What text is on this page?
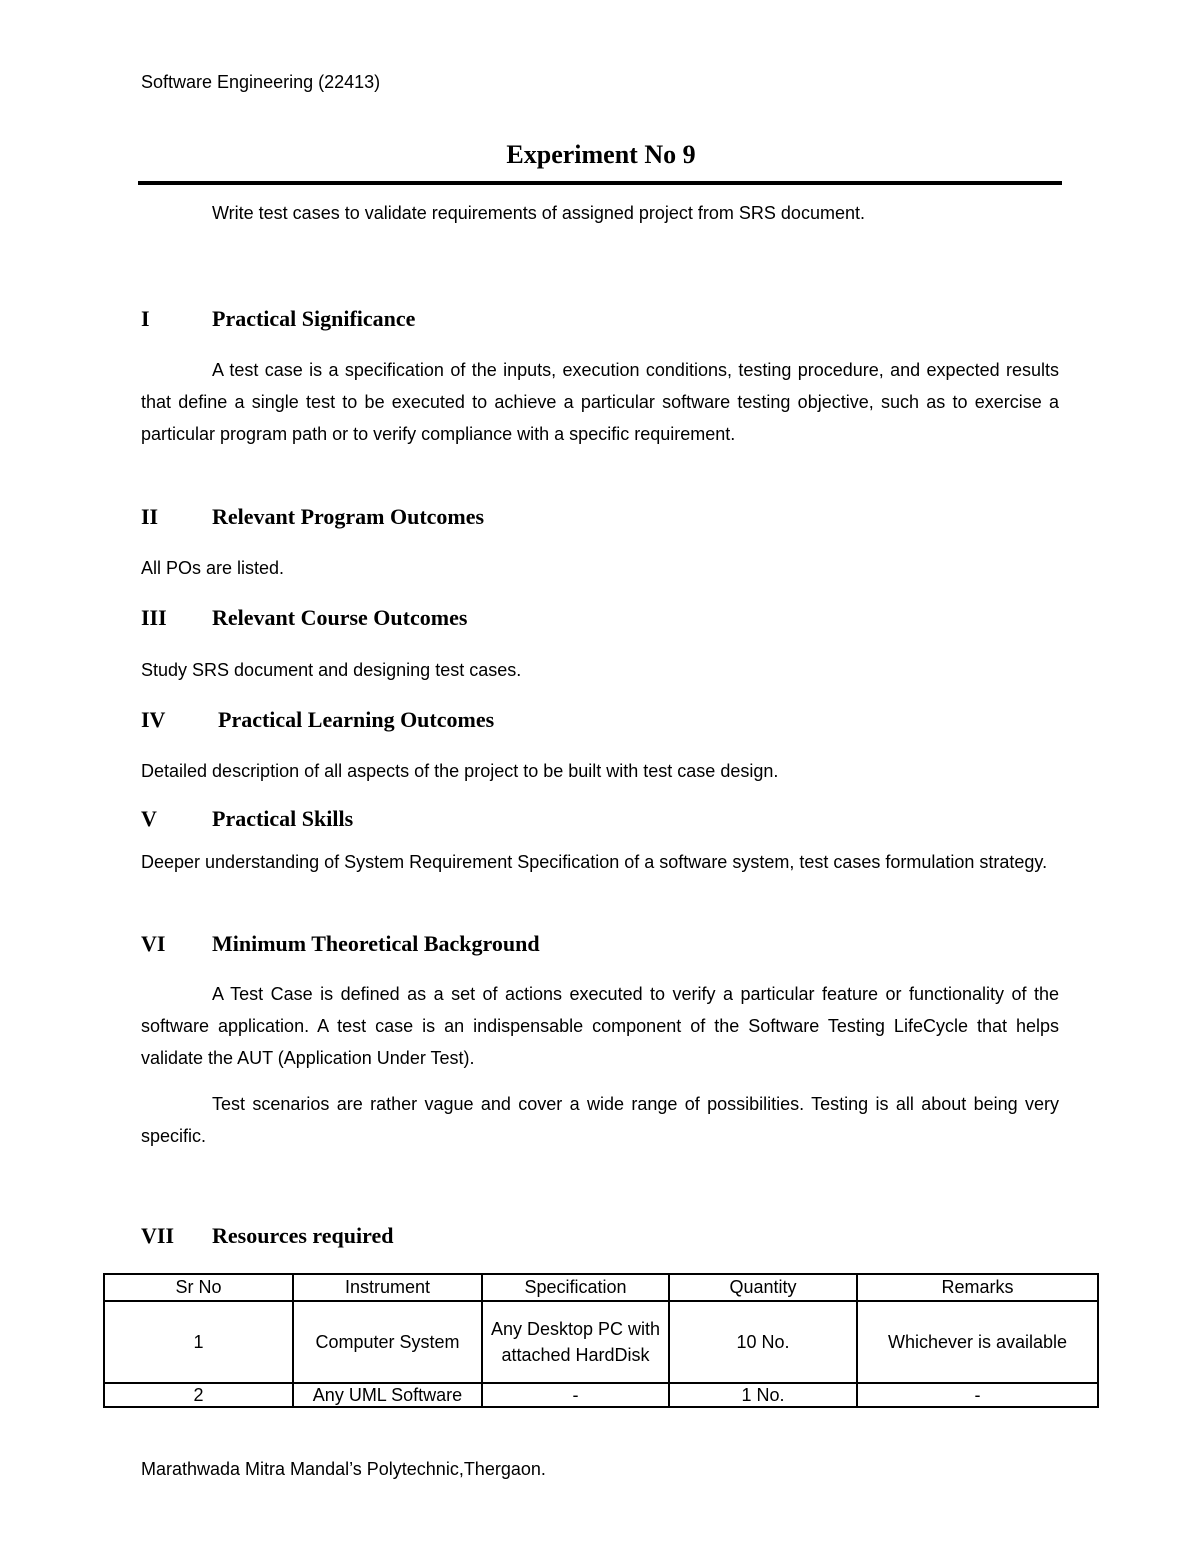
Software Engineering (22413)
Experiment No 9
Write test cases to validate requirements of assigned project from SRS document.
I	Practical Significance
A test case is a specification of the inputs, execution conditions, testing procedure, and expected results that define a single test to be executed to achieve a particular software testing objective, such as to exercise a particular program path or to verify compliance with a specific requirement.
II Relevant Program Outcomes
All POs are listed.
III Relevant Course Outcomes
Study SRS document and designing test cases.
IV Practical Learning Outcomes
Detailed description of all aspects of the project to be built with test case design.
V	Practical Skills
Deeper understanding of System Requirement Specification of a software system, test cases formulation strategy.
VI Minimum Theoretical Background
A Test Case is defined as a set of actions executed to verify a particular feature or functionality of the software application. A test case is an indispensable component of the Software Testing LifeCycle that helps validate the AUT (Application Under Test).
Test scenarios are rather vague and cover a wide range of possibilities. Testing is all about being very specific.
VII Resources required
Sr No	Instrument	Specification	Quantity	Remarks
1	Computer System	Any Desktop PC with attached HardDisk	10 No.	Whichever is available
2	Any UML Software	-	1 No.	-
Marathwada Mitra Mandal’s Polytechnic,Thergaon.
